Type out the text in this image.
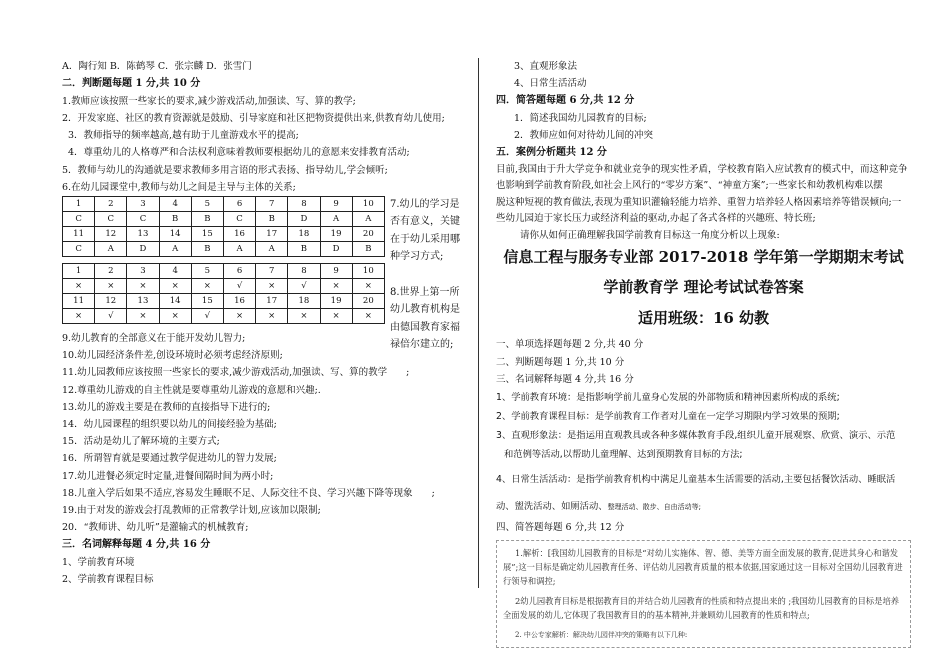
A．陶行知 B．陈鹤琴 C．张宗麟 D．张雪门
二．判断题每题 1 分,共 10 分
1.教师应该按照一些家长的要求,减少游戏活动,加强读、写、算的教学;
2．开发家庭、社区的教育资源就是鼓励、引导家庭和社区把物资提供出来,供教育幼儿使用;
3．教师指导的频率越高,越有助于儿童游戏水平的提高;
4．尊重幼儿的人格尊严和合法权利意味着教师要根据幼儿的意愿来安排教育活动;
5．教师与幼儿的沟通就是要求教师多用言语的形式表扬、指导幼儿,学会倾听;
6.在幼儿园课堂中,教师与幼儿之间是主导与主体的关系;
7.幼儿的学习是否有意义，关键在于幼儿采用哪种学习方式;
8.世界上第一所幼儿教育机构是由德国教育家福禄倍尔建立的;
1	2	3	4	5	6	7	8	9	10
C	C	C	B	B	C	B	D	A	A
11	12	13	14	15	16	17	18	19	20
C	A	D	A	B	A	A	B	D	B
1	2	3	4	5	6	7	8	9	10
×	×	×	×	×	√	×	√	×	×
11	12	13	14	15	16	17	18	19	20
×	√	×	×	√	×	×	×	×	×
9.幼儿教育的全部意义在于能开发幼儿智力;
10.幼儿园经济条件差,创设环境时必须考虑经济原则;
11.幼儿园教师应该按照一些家长的要求,减少游戏活动,加强读、写、算的教学　　;
12.尊重幼儿游戏的自主性就是要尊重幼儿游戏的意愿和兴趣;.
13.幼儿的游戏主要是在教师的直接指导下进行的;
14．幼儿园课程的组织要以幼儿的间接经验为基础;
15．活动是幼儿了解环境的主要方式;
16．所谓智育就是要通过教学促进幼儿的智力发展;
17.幼儿进餐必须定时定量,进餐间隔时间为两小时;
18.儿童入学后如果不适应,容易发生睡眠不足、人际交往不良、学习兴趣下降等现象　　;
19.由于对发的游戏会打乱教师的正常教学计划,应该加以限制;
20．“教师讲、幼儿听”是灌输式的机械教育;
三．名词解释每题 4 分,共 16 分
1、学前教育环境
2、学前教育课程目标
3、直观形象法
4、日常生活活动
四．简答题每题 6 分,共 12 分
1．简述我国幼儿园教育的目标;
2．教师应如何对待幼儿间的冲突
五．案例分析题共 12 分
目前,我国由于升大学竞争和就业竞争的现实性矛盾，学校教育陷入应试教育的模式中，而这种竞争
也影响到学前教育阶段,如社会上风行的“零岁方案”、“神童方案”;一些家长和幼教机构难以摆
脱这种短视的教育做法,表现为重知识灌输轻能力培养、重智力培养轻人格因素培养等错误倾向;一
些幼儿园迫于家长压力或经济利益的驱动,办起了各式各样的兴趣班、特长班;
请你从如何正确理解我国学前教育目标这一角度分析以上现象:
信息工程与服务专业部 2017-2018 学年第一学期期末考试
学前教育学 理论考试试卷答案
适用班级：16 幼教
一、单项选择题每题 2 分,共 40 分
二、判断题每题 1 分,共 10 分
三、名词解释每题 4 分,共 16 分
1、学前教育环境：是指影响学前儿童身心发展的外部物质和精神因素所构成的系统;
2、学前教育课程目标：是学前教育工作者对儿童在一定学习期限内学习效果的预期;
3、直观形象法：是指运用直观教具或各种多媒体教育手段,组织儿童开展观察、欣赏、演示、示范
和范例等活动,以帮助儿童理解、达到预期教育目标的方法;
4、日常生活活动：是指学前教育机构中满足儿童基本生活需要的活动,主要包括餐饮活动、睡眠活
动、盥洗活动、如厕活动、整理活动、散步、自由活动等;
四、简答题每题 6 分,共 12 分

1.解析：[我国幼儿园教育的目标是“对幼儿实施体、智、德、美等方面全面发展的教育,促进其身心和谐发展”;这一目标是确定幼儿园教育任务、评估幼儿园教育质量的根本依据,国家通过这一目标对全国幼儿园教育进行领导和调控;

2幼儿园教育目标是根据教育目的并结合幼儿园教育的性质和特点提出来的 ;我国幼儿园教育的目标是培养全面发展的幼儿,它体现了我国教育目的的基本精神,并兼顾幼儿园教育的性质和特点;

2. 中公专家解析：解决幼儿园伴冲突的策略有以下几种:
